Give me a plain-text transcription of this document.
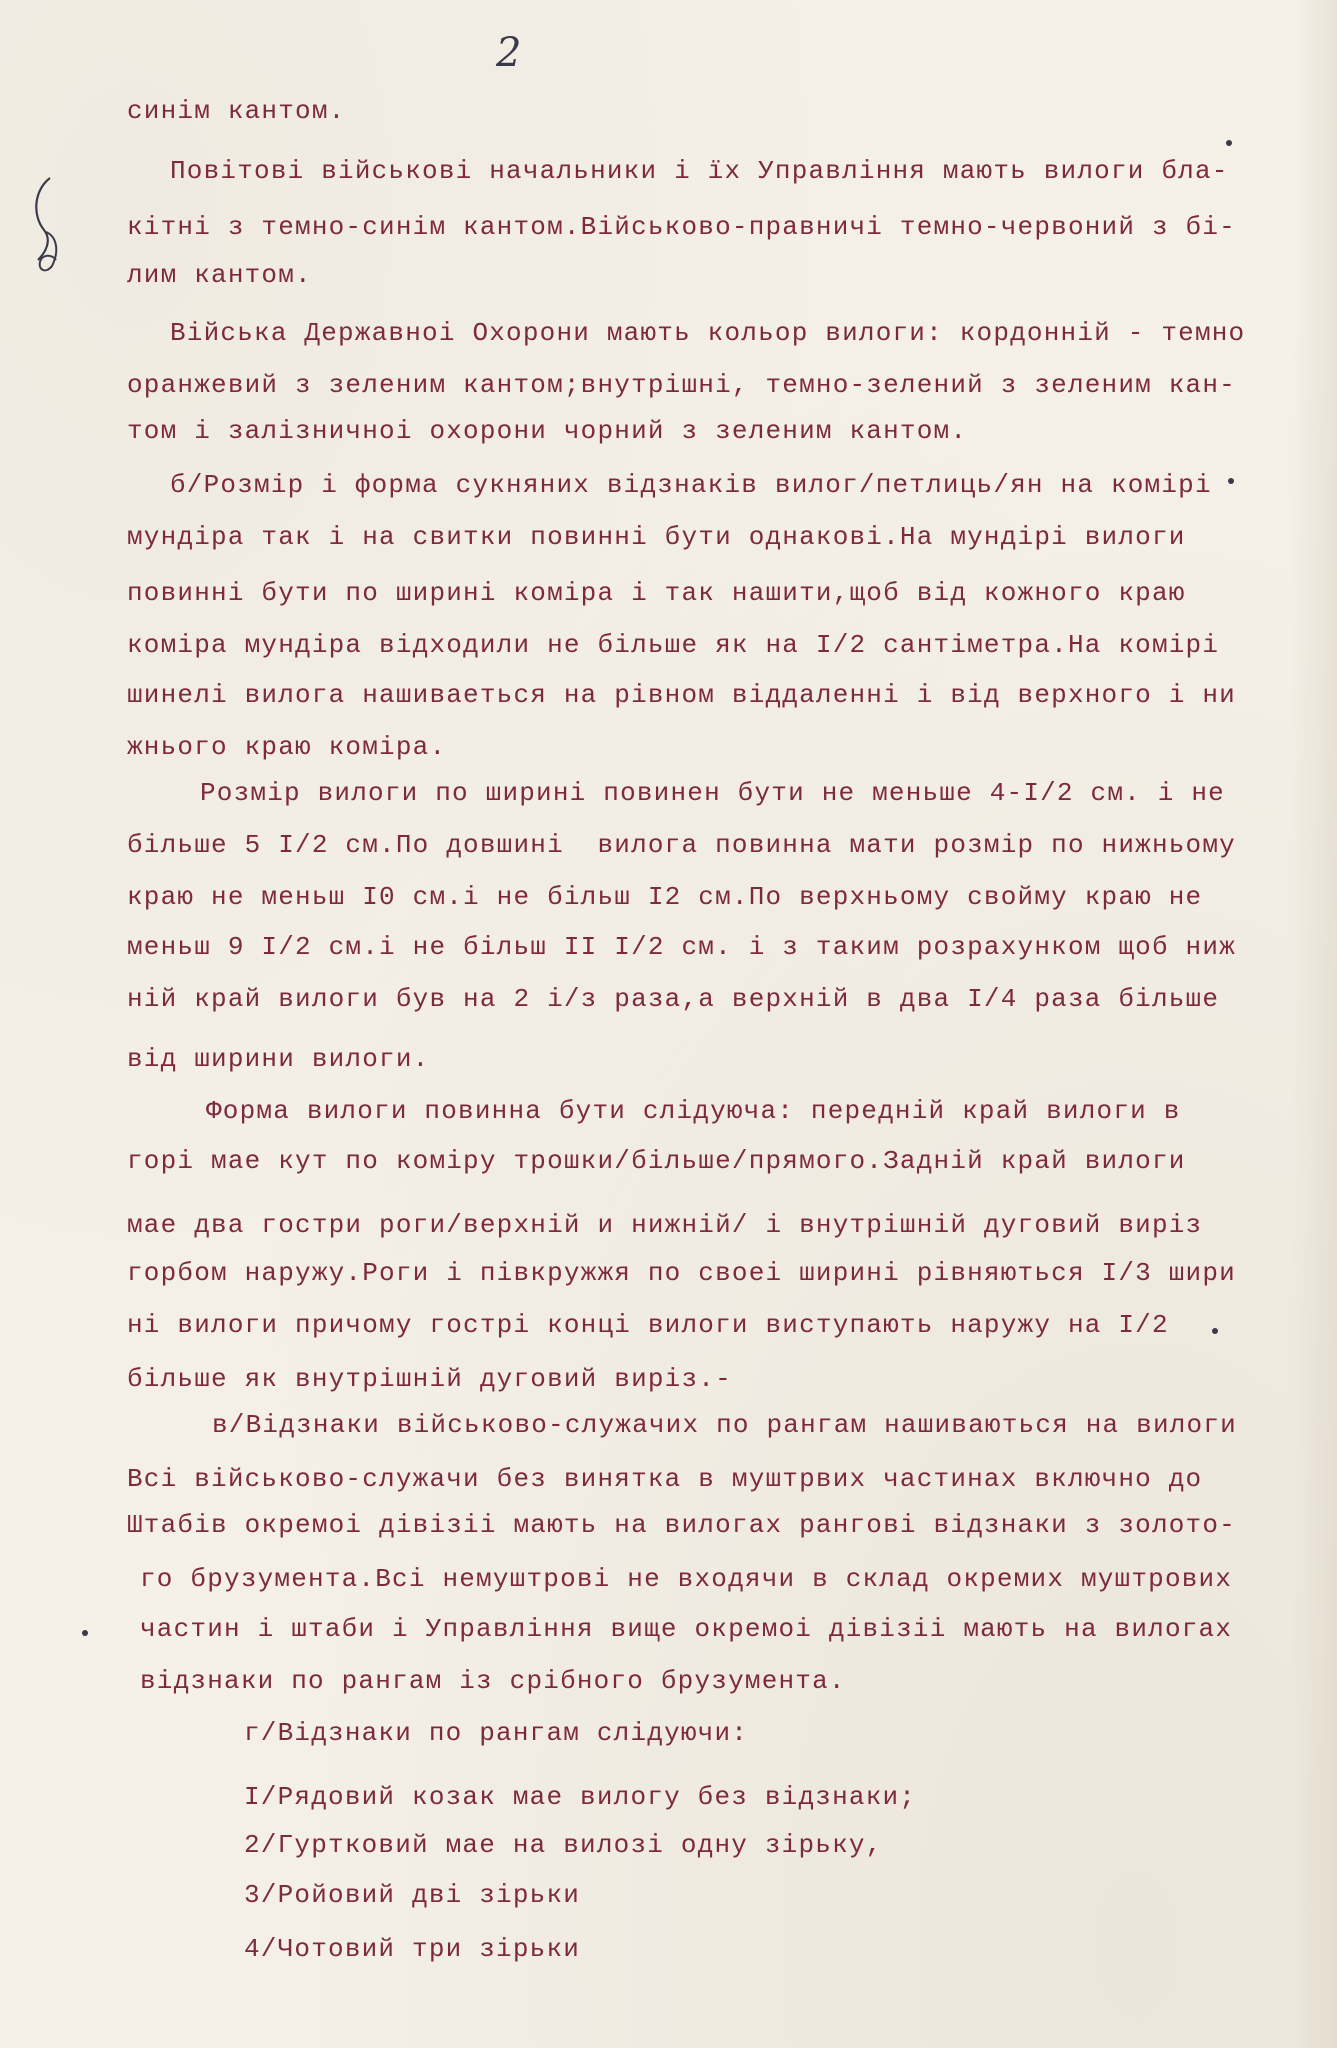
2
синім кантом.
Повітові військові начальники і їх Управління мають вилоги бла-
кітні з темно-синім кантом.Військово-правничі темно-червоний з бі-
лим кантом.
Війська Державноі Охорони мають кольор вилоги: кордонній - темно
оранжевий з зеленим кантом;внутрішні, темно-зелений з зеленим кан-
том і залізничноі охорони чорний з зеленим кантом.
б/Розмір і форма сукняних відзнаків вилог/петлиць/ян на комірі
мундіра так і на свитки повинні бути однакові.На мундірі вилоги
повинні бути по ширині коміра і так нашити,щоб від кожного краю
коміра мундіра відходили не більше як на І/2 сантіметра.На комірі
шинелі вилога нашиваеться на рівном віддаленні і від верхного і ни
жнього краю коміра.
Розмір вилоги по ширині повинен бути не меньше 4-І/2 см. і не
більше 5 І/2 см.По довшині  вилога повинна мати розмір по нижньому
краю не меньш І0 см.і не більш І2 см.По верхньому свойму краю не
меньш 9 І/2 см.і не більш ІІ І/2 см. і з таким розрахунком щоб ниж
ній край вилоги був на 2 і/з раза,а верхній в два І/4 раза більше
від ширини вилоги.
Форма вилоги повинна бути слідуюча: передній край вилоги в
горі мае кут по коміру трошки/більше/прямого.Задній край вилоги
мае два гостри роги/верхній и нижній/ і внутрішній дуговий виріз
горбом наружу.Роги і півкружжя по своеі ширині рівняються І/3 шири
ні вилоги причому гострі концi вилоги виступають наружу на І/2
більше як внутрішній дуговий виріз.-
в/Відзнаки військово-служачих по рангам нашиваються на вилоги
Всі військово-служачи без винятка в муштрвих частинах включно до
Штабів окремоі дівізіі мають на вилогах рангові відзнаки з золото-
го брузумента.Всі немуштрові не входячи в склад окремих муштрових
частин і штаби і Управління вище окремоі дівізіі мають на вилогах
відзнаки по рангам із срібного брузумента.
г/Відзнаки по рангам слідуючи:
І/Рядовий козак мае вилогу без відзнаки;
2/Гуртковий мае на вилозі одну зірьку,
3/Ройовий дві зірьки
4/Чотовий три зірьки
